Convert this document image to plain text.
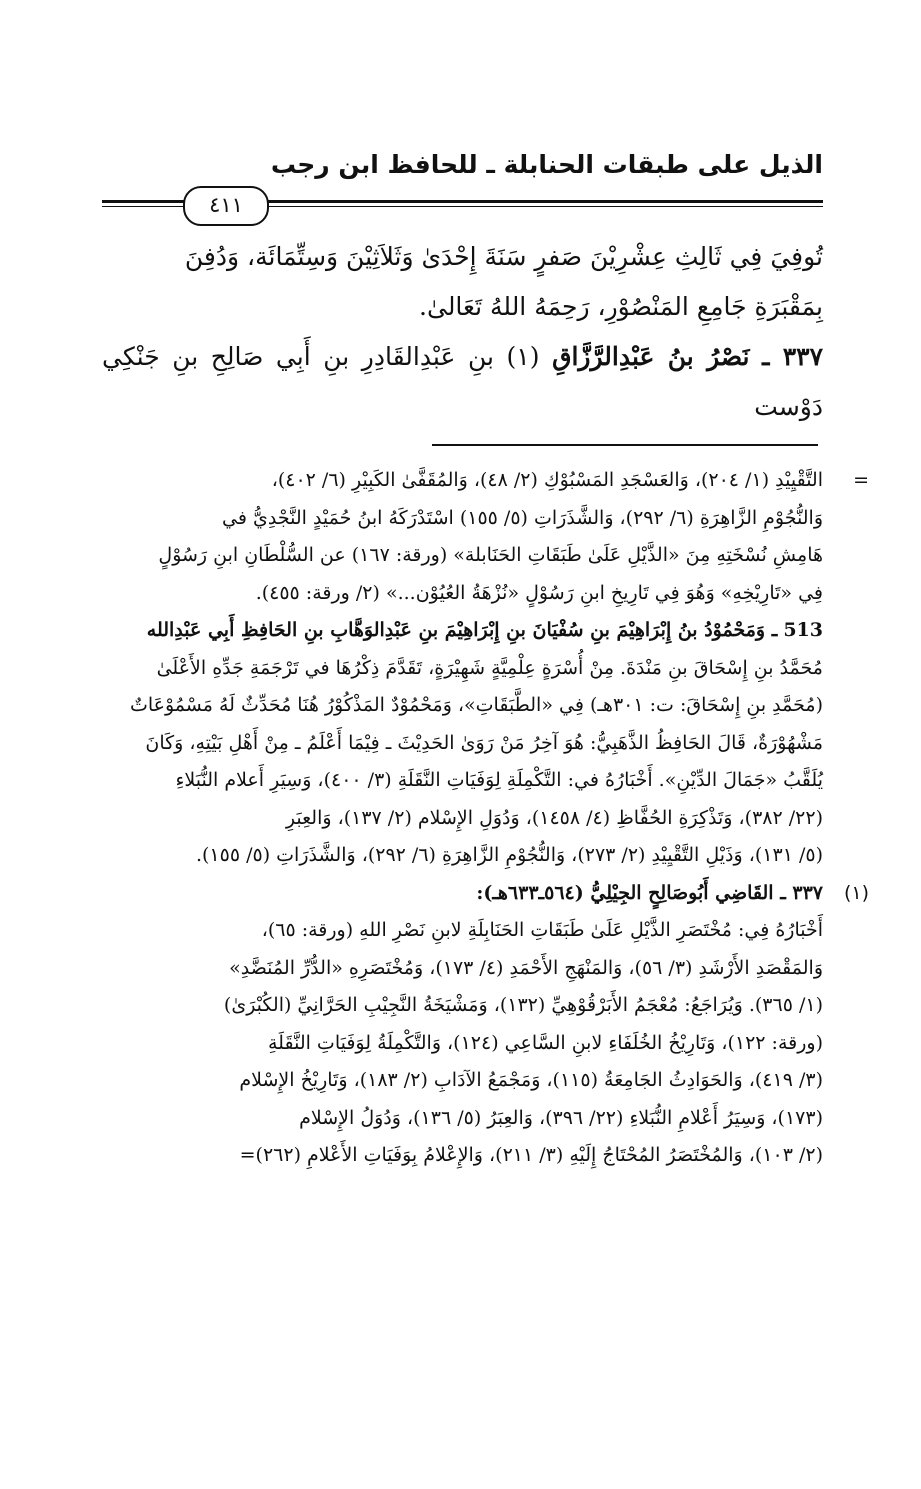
الذيل على طبقات الحنابلة ـ للحافظ ابن رجب
٤١١

تُوفِيَ فِي ثَالِثِ عِشْرِيْنَ صَفرٍ سَنَةَ إِحْدَىٰ وَثَلاَثِيْنَ وَسِتِّمَائَة، وَدُفِنَ

بِمَقْبَرَةِ جَامِعِ المَنْصُوْرِ، رَحِمَهُ اللهُ تَعَالىٰ.

٣٣٧ ـ نَصْرُ بنُ عَبْدِالرَّزَّاقِ (١) بنِ عَبْدِالقَادِرِ بنِ أَبِي صَالِحِ بنِ جَنْكِي دَوْست

=

التَّقْيِيْدِ (١/ ٢٠٤)، وَالعَسْجَدِ المَسْبُوْكِ (٢/ ٤٨)، وَالمُقَفَّىٰ الكَبِيْرِ (٦/ ٤٠٢)،

وَالنُّجُوْمِ الزَّاهِرَةِ (٦/ ٢٩٢)، وَالشَّذَرَاتِ (٥/ ١٥٥) اسْتَدْرَكَهُ ابنُ حُمَيْدٍ النَّجْدِيُّ في

هَامِشِ نُسْخَتِهِ مِنَ «الذَّيْلِ عَلَىٰ طَبَقَاتِ الحَنَابلة» (ورقة: ١٦٧) عن السُّلْطَانِ ابنِ رَسُوْلٍ

فِي «تَارِيْخِهِ» وَهُوَ فِي تَارِيخِ ابنِ رَسُوْلٍ «نُزْهَةُ العُيُوْن...» (٢/ ورقة: ٤٥٥).

513 ـ وَمَحْمُوْدُ بنُ إِبْرَاهِيْمَ بنِ سُفْيَانَ بنِ إِبْرَاهِيْمَ بنِ عَبْدِالوَهَّابِ بنِ الحَافِظِ أَبِي عَبْدِالله

مُحَمَّدُ بنِ إِسْحَاقَ بنِ مَنْدَةَ. مِنْ أُسْرَةٍ عِلْمِيَّةٍ شَهِيْرَةٍ، تَقَدَّمَ ذِكْرُهَا في تَرْجَمَةِ جَدِّهِ الأَعْلَىٰ

(مُحَمَّدِ بنِ إِسْحَاقَ: ت: ٣٠١هـ) فِي «الطَّبَقَاتِ»، وَمَحْمُوْدٌ المَذْكُوْرُ هُنَا مُحَدِّثٌ لَهُ مَسْمُوْعَاتٌ

مَشْهُوْرَةٌ، قَالَ الحَافِظُ الذَّهَبِيُّ: هُوَ آخِرُ مَنْ رَوَىٰ الحَدِيْثَ ـ فِيْمَا أَعْلَمُ ـ مِنْ أَهْلِ بَيْتِهِ، وَكَانَ

يُلَقَّبُ «جَمَالَ الدِّيْنِ». أَخْبَارُهُ في: التَّكْمِلَةِ لِوَفَيَاتِ النَّقَلَةِ (٣/ ٤٠٠)، وَسِيَرِ أَعلام النُّبَلاءِ

(٢٢/ ٣٨٢)، وَتَذْكِرَةِ الحُفَّاظِ (٤/ ١٤٥٨)، وَدُوَلِ الإِسْلام (٢/ ١٣٧)، وَالعِبَرِ

(٥/ ١٣١)، وَذَيْلِ التَّقْيِيْدِ (٢/ ٢٧٣)، وَالنُّجُوْمِ الزَّاهِرَةِ (٦/ ٢٩٢)، وَالشَّذَرَاتِ (٥/ ١٥٥).

(١)

٣٣٧ ـ القَاضِي أَبُوصَالِحٍ الجِيْلِيُّ (٥٦٤ـ٦٣٣هـ):

أَخْبَارُهُ فِي: مُخْتَصَرِ الذَّيْلِ عَلَىٰ طَبَقَاتِ الحَنَابِلَةِ لابنِ نَصْرِ اللهِ (ورقة: ٦٥)،

وَالمَقْصَدِ الأَرْشَدِ (٣/ ٥٦)، وَالمَنْهَجِ الأَحْمَدِ (٤/ ١٧٣)، وَمُخْتَصَرِهِ «الدُّرِّ المُنَضَّدِ»

(١/ ٣٦٥). وَيُرَاجَعُ: مُعْجَمُ الأَبَرْقُوْهِيِّ (١٣٢)، وَمَشْيَخَةُ النَّجِيْبِ الحَرَّانِيِّ (الكُبْرَىٰ)

(ورقة: ١٢٢)، وَتَارِيْخُ الخُلَفَاءِ لابنِ السَّاعِي (١٢٤)، وَالتَّكْمِلَةُ لِوَفَيَاتِ النَّقَلَةِ

(٣/ ٤١٩)، وَالحَوَادِثُ الجَامِعَةُ (١١٥)، وَمَجْمَعُ الآدَابِ (٢/ ١٨٣)، وَتَارِيْخُ الإِسْلام

(١٧٣)، وَسِيَرُ أَعْلامِ النُّبَلاءِ (٢٢/ ٣٩٦)، وَالعِبَرُ (٥/ ١٣٦)، وَدُوَلُ الإِسْلام

(٢/ ١٠٣)، وَالمُخْتَصَرُ المُحْتَاجُ إِلَيْهِ (٣/ ٢١١)، وَالإِعْلامُ بِوَفَيَاتِ الأَعْلامِ (٢٦٢)=
